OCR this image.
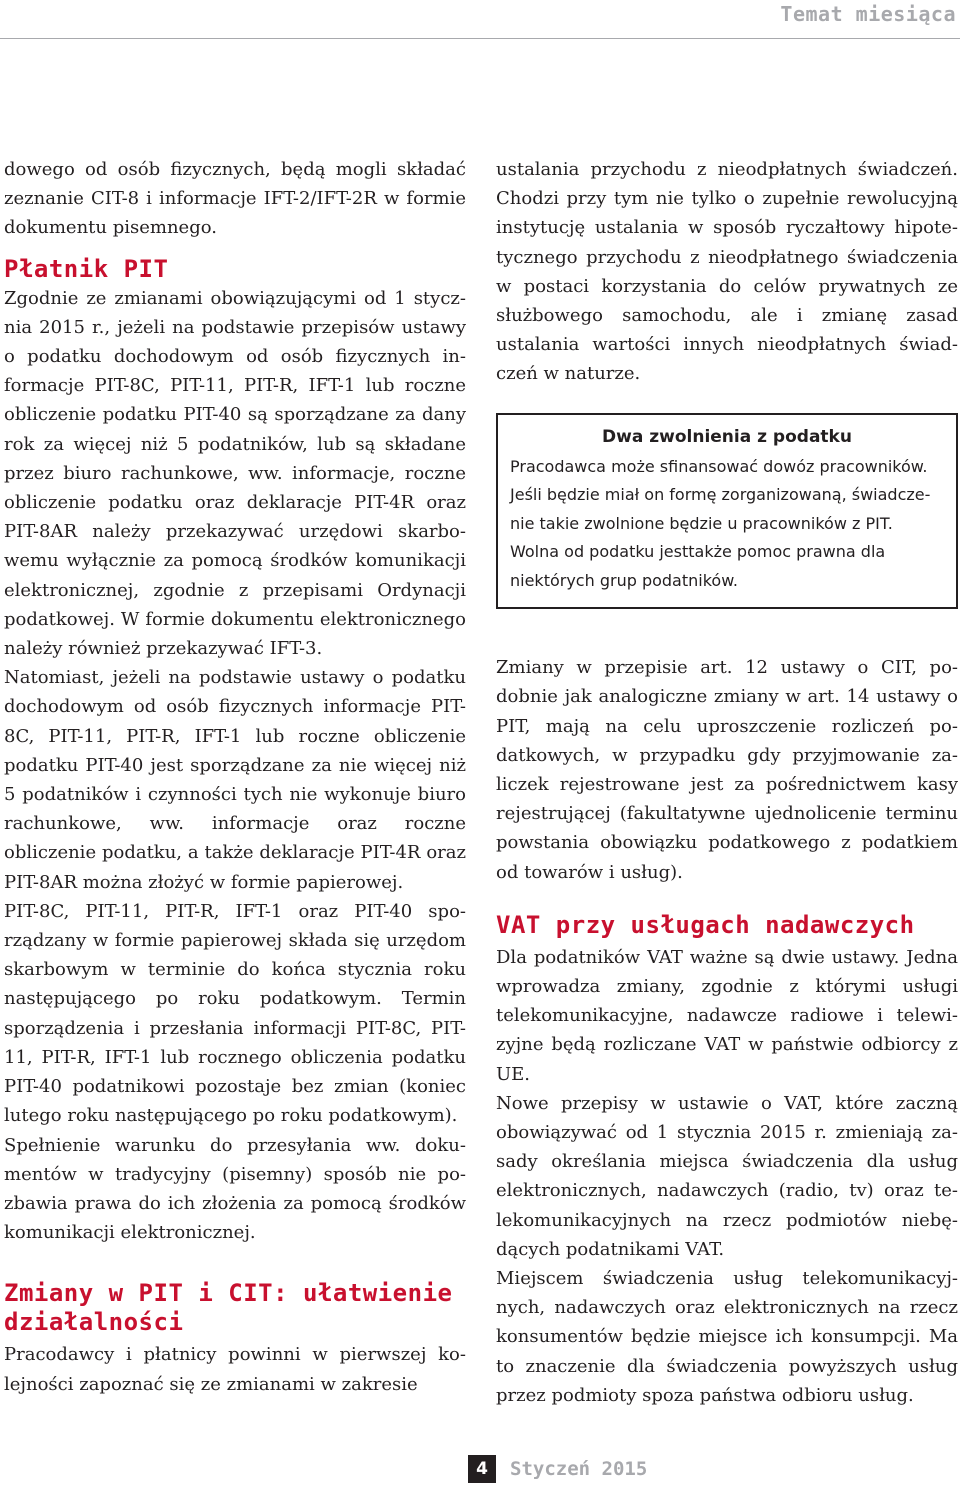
Temat miesiąca

dowego od osób fizycznych, będą mogli składać zeznanie CIT-8 i informacje IFT-2/IFT-2R w formie dokumentu pisemnego.

Płatnik PIT

Zgodnie ze zmianami obowiązującymi od 1 stycznia 2015 r., jeżeli na podstawie przepisów ustawy o podatku dochodowym od osób fizycznych informacje PIT-8C, PIT-11, PIT-R, IFT-1 lub roczne obliczenie podatku PIT-40 są sporządzane za dany rok za więcej niż 5 podatników, lub są składane przez biuro rachunkowe, ww. informacje, roczne obliczenie podatku oraz deklaracje PIT-4R oraz PIT-8AR należy przekazywać urzędowi skarbowemu wyłącznie za pomocą środków komunikacji elektronicznej, zgodnie z przepisami Ordynacji podatkowej. W formie dokumentu elektronicznego należy również przekazywać IFT-3.

Natomiast, jeżeli na podstawie ustawy o podatku dochodowym od osób fizycznych informacje PIT-8C, PIT-11, PIT-R, IFT-1 lub roczne obliczenie podatku PIT-40 jest sporządzane za nie więcej niż 5 podatników i czynności tych nie wykonuje biuro rachunkowe, ww. informacje oraz roczne obliczenie podatku, a także deklaracje PIT-4R oraz PIT-8AR można złożyć w formie papierowej.

PIT-8C, PIT-11, PIT-R, IFT-1 oraz PIT-40 sporządzany w formie papierowej składa się urzędom skarbowym w terminie do końca stycznia roku następującego po roku podatkowym. Termin sporządzenia i przesłania informacji PIT-8C, PIT-11, PIT-R, IFT-1 lub rocznego obliczenia podatku PIT-40 podatnikowi pozostaje bez zmian (koniec lutego roku następującego po roku podatkowym).

Spełnienie warunku do przesyłania ww. dokumentów w tradycyjny (pisemny) sposób nie pozbawia prawa do ich złożenia za pomocą środków komunikacji elektronicznej.

Zmiany w PIT i CIT: ułatwienie działalności

Pracodawcy i płatnicy powinni w pierwszej kolejności zapoznać się ze zmianami w zakresie

ustalania przychodu z nieodpłatnych świadczeń. Chodzi przy tym nie tylko o zupełnie rewolucyjną instytucję ustalania w sposób ryczałtowy hipotetycznego przychodu z nieodpłatnego świadczenia w postaci korzystania do celów prywatnych ze służbowego samochodu, ale i zmianę zasad ustalania wartości innych nieodpłatnych świadczeń w naturze.

Dwa zwolnienia z podatku

Pracodawca może sfinansować dowóz pracowników. Jeśli będzie miał on formę zorganizowaną, świadczenie takie zwolnione będzie u pracowników z PIT. Wolna od podatku jesttakże pomoc prawna dla niektórych grup podatników.

Zmiany w przepisie art. 12 ustawy o CIT, podobnie jak analogiczne zmiany w art. 14 ustawy o PIT, mają na celu uproszczenie rozliczeń podatkowych, w przypadku gdy przyjmowanie zaliczek rejestrowane jest za pośrednictwem kasy rejestrującej (fakultatywne ujednolicenie terminu powstania obowiązku podatkowego z podatkiem od towarów i usług).

VAT przy usługach nadawczych

Dla podatników VAT ważne są dwie ustawy. Jedna wprowadza zmiany, zgodnie z którymi usługi telekomunikacyjne, nadawcze radiowe i telewizyjne będą rozliczane VAT w państwie odbiorcy z UE.

Nowe przepisy w ustawie o VAT, które zaczną obowiązywać od 1 stycznia 2015 r. zmieniają zasady określania miejsca świadczenia dla usług elektronicznych, nadawczych (radio, tv) oraz telekomunikacyjnych na rzecz podmiotów niebędących podatnikami VAT.

Miejscem świadczenia usług telekomunikacyjnych, nadawczych oraz elektronicznych na rzecz konsumentów będzie miejsce ich konsumpcji. Ma to znaczenie dla świadczenia powyższych usług przez podmioty spoza państwa odbioru usług.

4	Styczeń 2015
